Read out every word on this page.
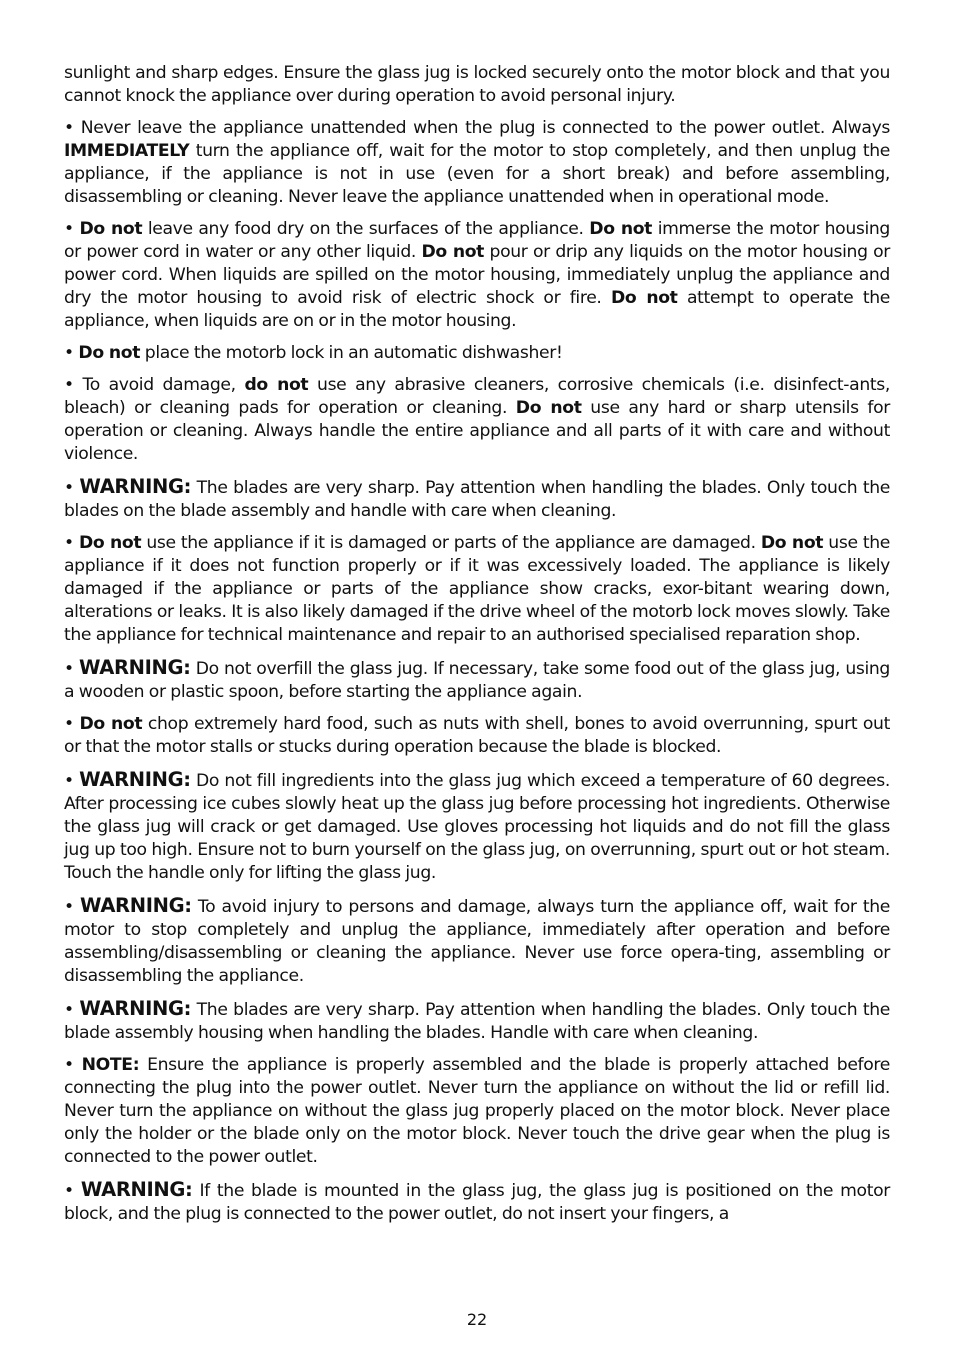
sunlight and sharp edges. Ensure the glass jug is locked securely onto the motor block and that you cannot knock the appliance over during operation to avoid personal injury.

• Never leave the appliance unattended when the plug is connected to the power outlet. Always IMMEDIATELY turn the appliance off, wait for the motor to stop completely, and then unplug the appliance, if the appliance is not in use (even for a short break) and before assembling, disassembling or cleaning. Never leave the appliance unattended when in operational mode.

• Do not leave any food dry on the surfaces of the appliance. Do not immerse the motor housing or power cord in water or any other liquid. Do not pour or drip any liquids on the motor housing or power cord. When liquids are spilled on the motor housing, immediately unplug the appliance and dry the motor housing to avoid risk of electric shock or fire. Do not attempt to operate the appliance, when liquids are on or in the motor housing.

• Do not place the motorb lock in an automatic dishwasher!

• To avoid damage, do not use any abrasive cleaners, corrosive chemicals (i.e. disinfect-ants, bleach) or cleaning pads for operation or cleaning. Do not use any hard or sharp utensils for operation or cleaning. Always handle the entire appliance and all parts of it with care and without violence.

• WARNING: The blades are very sharp. Pay attention when handling the blades. Only touch the blades on the blade assembly and handle with care when cleaning.

• Do not use the appliance if it is damaged or parts of the appliance are damaged. Do not use the appliance if it does not function properly or if it was excessively loaded. The appliance is likely damaged if the appliance or parts of the appliance show cracks, exor-bitant wearing down, alterations or leaks. It is also likely damaged if the drive wheel of the motorb lock moves slowly. Take the appliance for technical maintenance and repair to an authorised specialised reparation shop.

• WARNING: Do not overfill the glass jug. If necessary, take some food out of the glass jug, using a wooden or plastic spoon, before starting the appliance again.

• Do not chop extremely hard food, such as nuts with shell, bones to avoid overrunning, spurt out or that the motor stalls or stucks during operation because the blade is blocked.

• WARNING: Do not fill ingredients into the glass jug which exceed a temperature of 60 degrees. After processing ice cubes slowly heat up the glass jug before processing hot ingredients. Otherwise the glass jug will crack or get damaged. Use gloves processing hot liquids and do not fill the glass jug up too high. Ensure not to burn yourself on the glass jug, on overrunning, spurt out or hot steam. Touch the handle only for lifting the glass jug.

• WARNING: To avoid injury to persons and damage, always turn the appliance off, wait for the motor to stop completely and unplug the appliance, immediately after operation and before assembling/disassembling or cleaning the appliance. Never use force opera-ting, assembling or disassembling the appliance.

• WARNING: The blades are very sharp. Pay attention when handling the blades. Only touch the blade assembly housing when handling the blades. Handle with care when cleaning.

• NOTE: Ensure the appliance is properly assembled and the blade is properly attached before connecting the plug into the power outlet. Never turn the appliance on without the lid or refill lid. Never turn the appliance on without the glass jug properly placed on the motor block. Never place only the holder or the blade only on the motor block. Never touch the drive gear when the plug is connected to the power outlet.

• WARNING: If the blade is mounted in the glass jug, the glass jug is positioned on the motor block, and the plug is connected to the power outlet, do not insert your fingers, a

22
